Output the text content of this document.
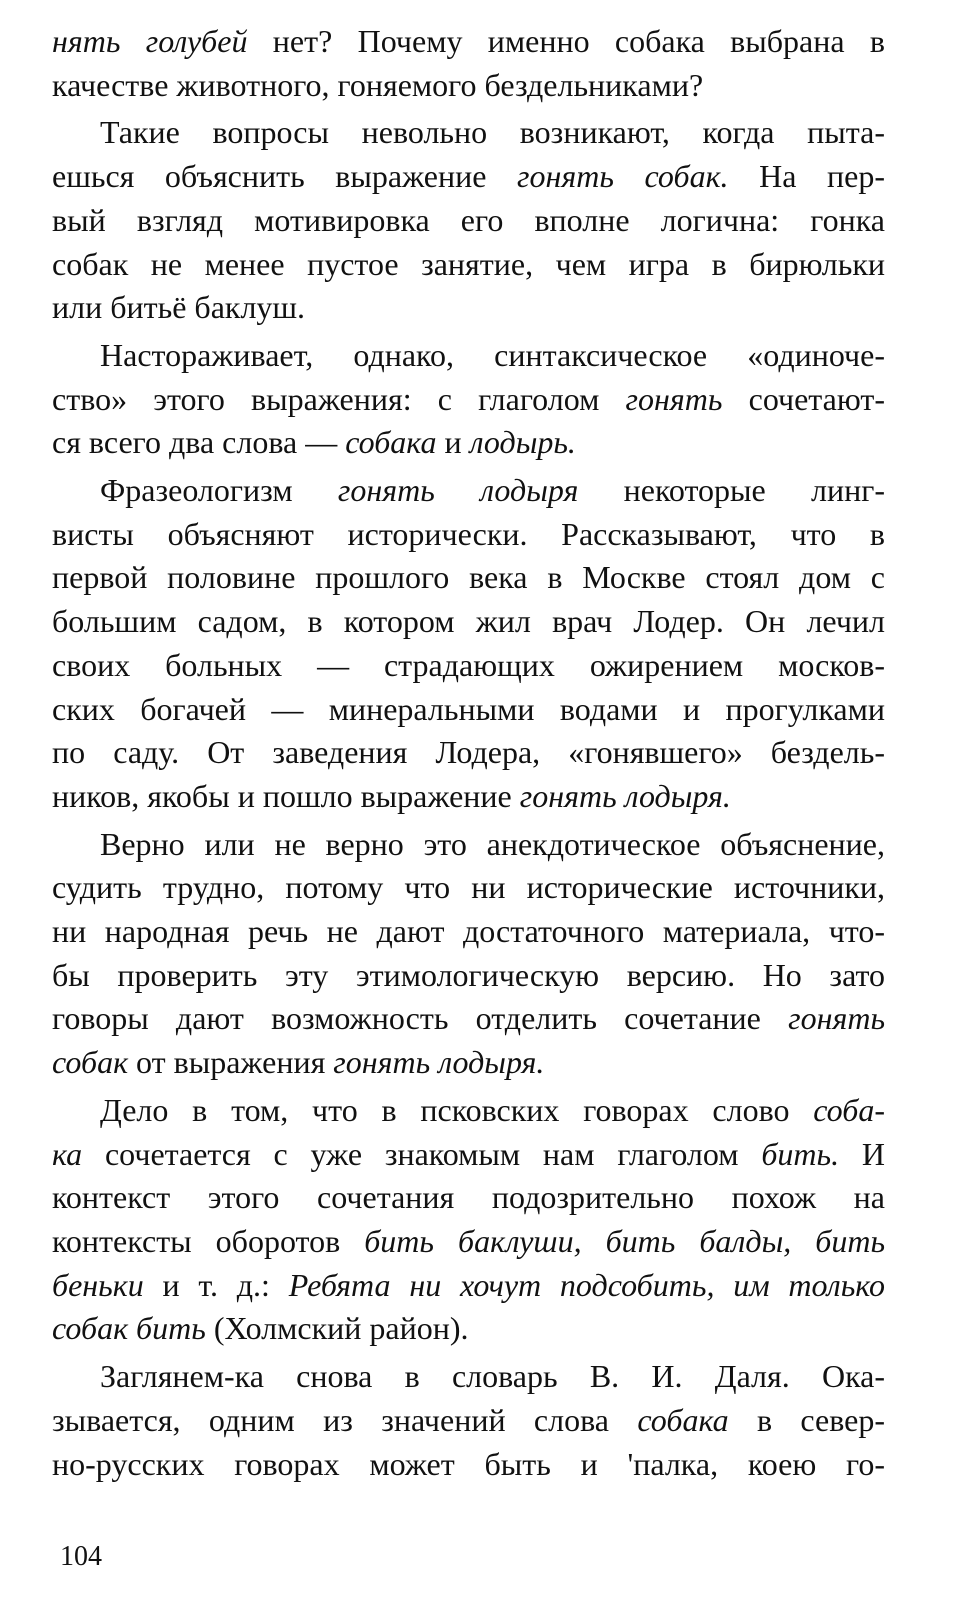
нять голубей нет? Почему именно собака выбрана в
качестве животного, гоняемого бездельниками?

Такие вопросы невольно возникают, когда пыта-
ешься объяснить выражение гонять собак. На пер-
вый взгляд мотивировка его вполне логична: гонка
собак не менее пустое занятие, чем игра в бирюльки
или битьё баклуш.

Настораживает, однако, синтаксическое «одиноче-
ство» этого выражения: с глаголом гонять сочетают-
ся всего два слова — собака и лодырь.

Фразеологизм гонять лодыря некоторые линг-
висты объясняют исторически. Рассказывают, что в
первой половине прошлого века в Москве стоял дом с
большим садом, в котором жил врач Лодер. Он лечил
своих больных — страдающих ожирением москов-
ских богачей — минеральными водами и прогулками
по саду. От заведения Лодера, «гонявшего» бездель-
ников, якобы и пошло выражение гонять лодыря.

Верно или не верно это анекдотическое объяснение,
судить трудно, потому что ни исторические источники,
ни народная речь не дают достаточного материала, что-
бы проверить эту этимологическую версию. Но зато
говоры дают возможность отделить сочетание гонять
собак от выражения гонять лодыря.

Дело в том, что в псковских говорах слово соба-
ка сочетается с уже знакомым нам глаголом бить. И
контекст этого сочетания подозрительно похож на
контексты оборотов бить баклуши, бить балды, бить
беньки и т. д.: Ребята ни хочут подсобить, им только
собак бить (Холмский район).

Заглянем-ка снова в словарь В. И. Даля. Ока-
зывается, одним из значений слова собака в север-
но-русских говорах может быть и 'палка, коею го-

104
